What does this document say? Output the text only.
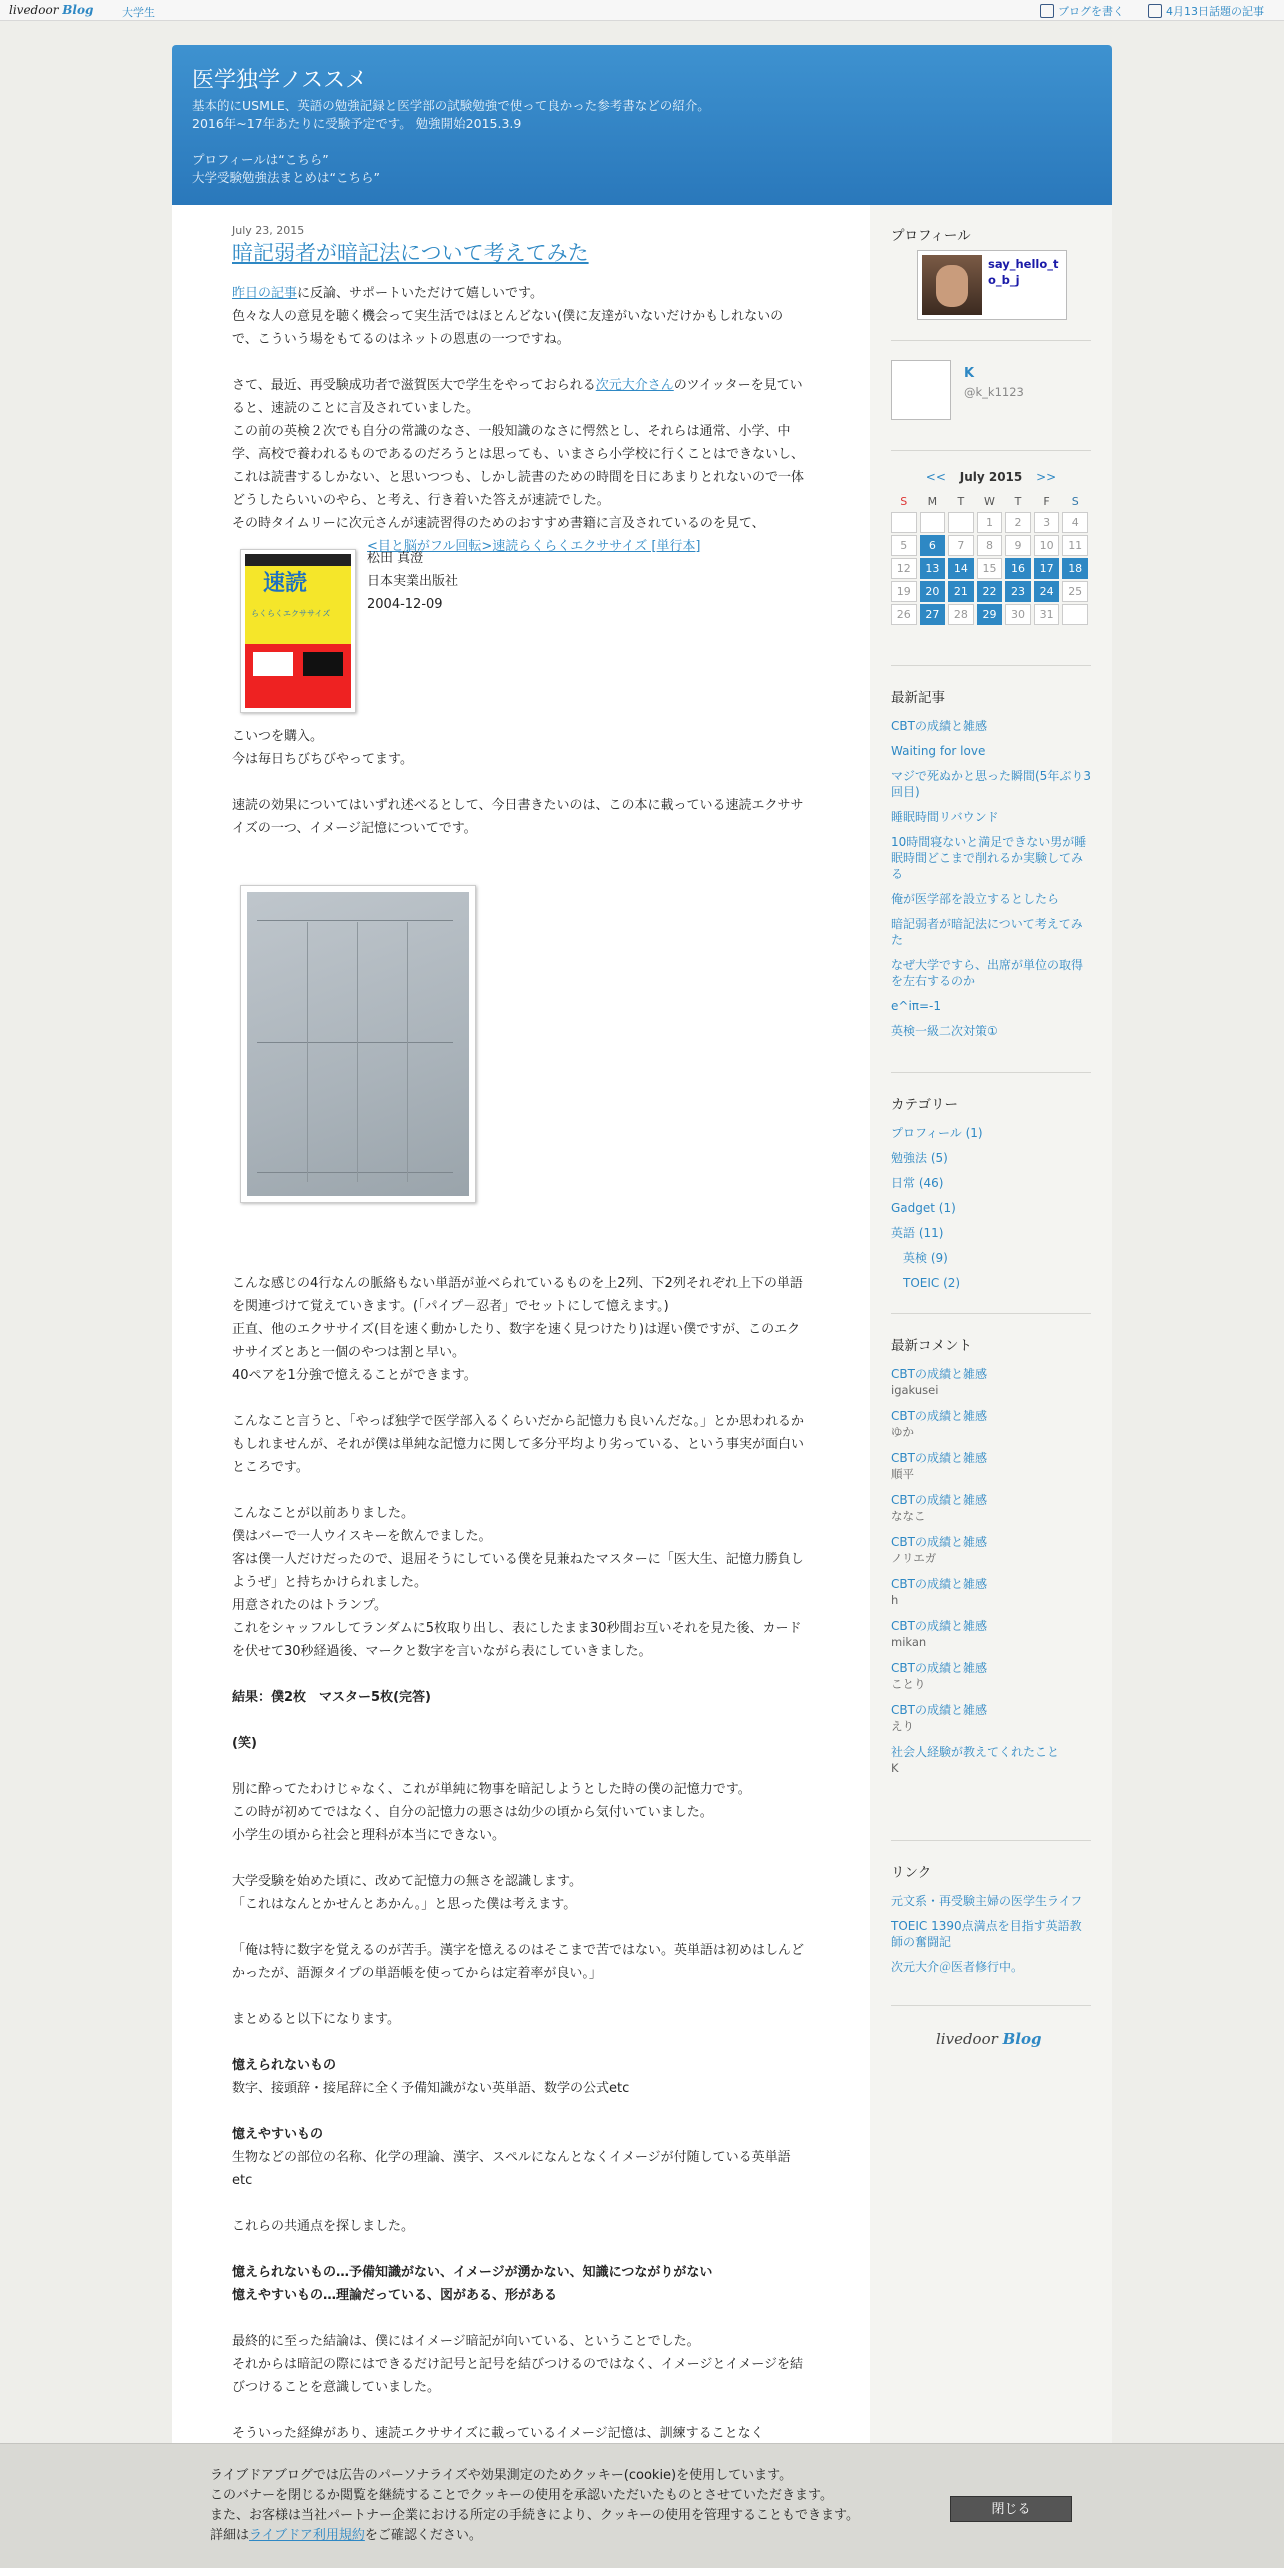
livedoor Blog	大学生	ブログを書く	4月13日話題の記事
医学独学ノススメ
基本的にUSMLE、英語の勉強記録と医学部の試験勉強で使って良かった参考書などの紹介。
2016年~17年あたりに受験予定です。 勉強開始2015.3.9
プロフィールは“こちら”
大学受験勉強法まとめは“こちら”
July 23, 2015
暗記弱者が暗記法について考えてみた

昨日の記事に反論、サポートいただけて嬉しいです。
色々な人の意見を聴く機会って実生活ではほとんどない(僕に友達がいないだけかもしれないので、こういう場をもてるのはネットの恩恵の一つですね。

さて、最近、再受験成功者で滋賀医大で学生をやっておられる次元大介さんのツイッターを見ていると、速読のことに言及されていました。

この前の英検２次でも自分の常識のなさ、一般知識のなさに愕然とし、それらは通常、小学、中学、高校で養われるものであるのだろうとは思っても、いまさら小学校に行くことはできないし、これは読書するしかない、と思いつつも、しかし読書のための時間を日にあまりとれないので一体どうしたらいいのやら、と考え、行き着いた答えが速読でした。

その時タイムリーに次元さんが速読習得のためのおすすめ書籍に言及されているのを見て、

<目と脳がフル回転>速読らくらくエクササイズ [単行本]
速読
らくらくエクササイズ
松田 真澄
日本実業出版社
2004-12-09

こいつを購入。
今は毎日ちびちびやってます。

速読の効果についてはいずれ述べるとして、今日書きたいのは、この本に載っている速読エクササイズの一つ、イメージ記憶についてです。

こんな感じの4行なんの脈絡もない単語が並べられているものを上2列、下2列それぞれ上下の単語を関連づけて覚えていきます。(「パイプ－忍者」でセットにして憶えます。)

正直、他のエクササイズ(目を速く動かしたり、数字を速く見つけたり)は遅い僕ですが、このエクササイズとあと一個のやつは割と早い。

40ペアを1分強で憶えることができます。

こんなこと言うと、「やっぱ独学で医学部入るくらいだから記憶力も良いんだな。」とか思われるかもしれませんが、それが僕は単純な記憶力に関して多分平均より劣っている、という事実が面白いところです。

こんなことが以前ありました。

僕はバーで一人ウイスキーを飲んでました。

客は僕一人だけだったので、退屈そうにしている僕を見兼ねたマスターに「医大生、記憶力勝負しようぜ」と持ちかけられました。

用意されたのはトランプ。

これをシャッフルしてランダムに5枚取り出し、表にしたまま30秒間お互いそれを見た後、カードを伏せて30秒経過後、マークと数字を言いながら表にしていきました。

結果：僕2枚　マスター5枚(完答)

(笑)

別に酔ってたわけじゃなく、これが単純に物事を暗記しようとした時の僕の記憶力です。

この時が初めてではなく、自分の記憶力の悪さは幼少の頃から気付いていました。

小学生の頃から社会と理科が本当にできない。

大学受験を始めた頃に、改めて記憶力の無さを認識します。

「これはなんとかせんとあかん。」と思った僕は考えます。

「俺は特に数字を覚えるのが苦手。漢字を憶えるのはそこまで苦ではない。英単語は初めはしんどかったが、語源タイプの単語帳を使ってからは定着率が良い。」

まとめると以下になります。

憶えられないもの

数字、接頭辞・接尾辞に全く予備知識がない英単語、数学の公式etc

憶えやすいもの

生物などの部位の名称、化学の理論、漢字、スペルになんとなくイメージが付随している英単語etc

これらの共通点を探しました。

憶えられないもの…予備知識がない、イメージが湧かない、知識につながりがない

憶えやすいもの…理論だっている、図がある、形がある

最終的に至った結論は、僕にはイメージ暗記が向いている、ということでした。

それからは暗記の際にはできるだけ記号と記号を結びつけるのではなく、イメージとイメージを結びつけることを意識していました。

そういった経緯があり、速読エクササイズに載っているイメージ記憶は、訓練することなく

プロフィール
say_hello_to_b_j
K
@k_k1123
<< July 2015 >>
S	M	T	W	T	F	S
			1	2	3	4
5	6	7	8	9	10	11
12	13	14	15	16	17	18
19	20	21	22	23	24	25
26	27	28	29	30	31	
最新記事
CBTの成績と雑感
Waiting for love
マジで死ぬかと思った瞬間(5年ぶり3回目)
睡眠時間リバウンド
10時間寝ないと満足できない男が睡眠時間どこまで削れるか実験してみる
俺が医学部を設立するとしたら
暗記弱者が暗記法について考えてみた
なぜ大学ですら、出席が単位の取得を左右するのか
e^iπ=-1
英検一級二次対策①
カテゴリー
プロフィール (1)
勉強法 (5)
日常 (46)
Gadget (1)
英語 (11)
英検 (9)
TOEIC (2)
最新コメント
CBTの成績と雑感
igakusei
CBTの成績と雑感
ゆか
CBTの成績と雑感
順平
CBTの成績と雑感
ななこ
CBTの成績と雑感
ノリエガ
CBTの成績と雑感
h
CBTの成績と雑感
mikan
CBTの成績と雑感
ことり
CBTの成績と雑感
えり
社会人経験が教えてくれたこと
K
リンク
元文系・再受験主婦の医学生ライフ
TOEIC 1390点満点を目指す英語教師の奮闘記
次元大介＠医者修行中。
livedoor Blog
ライブドアブログでは広告のパーソナライズや効果測定のためクッキー(cookie)を使用しています。
このバナーを閉じるか閲覧を継続することでクッキーの使用を承認いただいたものとさせていただきます。
また、お客様は当社パートナー企業における所定の手続きにより、クッキーの使用を管理することもできます。
詳細はライブドア利用規約をご確認ください。
閉じる
